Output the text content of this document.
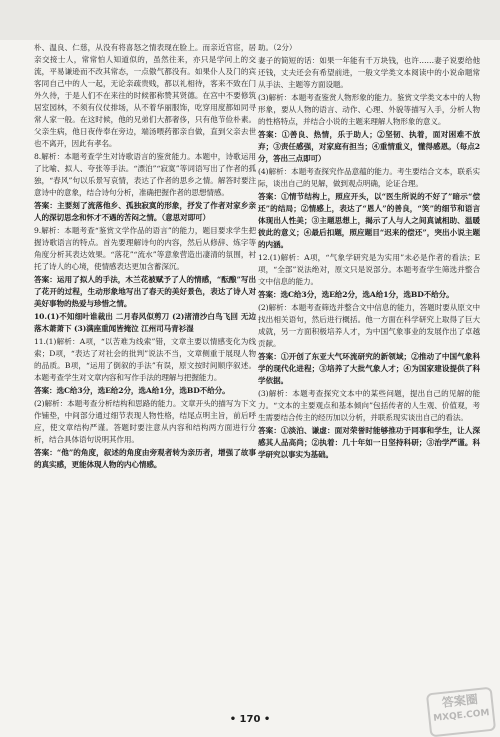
朴、温良、仁慈，从没有将喜怒之情表现在脸上。而亲近官宦，居亲交接士人，常常怕人知道似的，虽然往来，亦只是学问上的交流，平易谦逊而不改其常态，一点傲气都没有。如果仆人及门的宾客同自己中的人一起，无论亲疏贵贱，都以礼相待，客来不致在门外久待，于是人们不在来往的时候都称赞其贤德。在宫中不要修筑居室园林，不须有仪仗排场，从不着华丽服饰，吃穿用度都如同寻常人家一般。在这时候，他的兄弟们大都奢侈，只有他节俭朴素。父亲生病，他日夜侍奉在旁边，端汤喂药都亲自做，直到父亲去世也不离开，因此有孝名。

8.解析：本题考查学生对诗歌语言的鉴赏能力。本题中，诗歌运用了比喻、拟人、夸张等手法。“漂泊”“寂寞”等词语写出了作者的孤独，“春风”句以乐景写哀情，表达了作者的思乡之情。解答时要注意诗中的意象，结合诗句分析，准确把握作者的思想情感。

答案：主要刻了流落他乡、孤独寂寞的形象，抒发了作者对家乡亲人的深切思念和怀才不遇的苦闷之情。（意思对即可）

9.解析：本题考查“鉴赏文学作品的语言”的能力，题目要求学生把握诗歌语言的特点。首先要理解诗句的内容，然后从修辞、炼字等角度分析其表达效果。“落花”“流水”等意象营造出凄清的氛围，衬托了诗人的心境，使情感表达更加含蓄深沉。

答案：运用了拟人的手法，木兰花被赋予了人的情感，“酝酿”写出了花开的过程，生动形象地写出了春天的美好景色，表达了诗人对美好事物的热爱与珍惜之情。

10.(1)不知细叶谁裁出 二月春风似剪刀 (2)渚清沙白鸟飞回 无边落木萧萧下 (3)满座重闻皆掩泣 江州司马青衫湿

11.(1)解析：A项，“以苦难为线索”错，文章主要以情感变化为线索；D项，“表达了对社会的批判”说法不当，文章侧重于展现人物的品质。B项，“运用了倒叙的手法”有误，原文按时间顺序叙述。本题考查学生对文章内容和写作手法的理解与把握能力。

答案：选C给3分，选E给2分，选A给1分，选BD不给分。

(2)解析：本题考查分析结构和思路的能力。文章开头的描写为下文作铺垫，中间部分通过细节表现人物性格，结尾点明主旨，前后呼应，使文章结构严谨。答题时要注意从内容和结构两方面进行分析，结合具体语句说明其作用。

答案：“他”的角度，叙述的角度由旁观者转为亲历者，增强了故事的真实感，更能体现人物的内心情感。

助。（2分）

妻子的简短的话：如果一年能有千万块钱，也许……妻子说要给他还钱，丈夫还会有希望前进，一般文学类文本阅读中的小说命题常从手法、主题等方面设题。

(3)解析：本题考查鉴赏人物形象的能力。鉴赏文学类文本中的人物形象，要从人物的语言、动作、心理、外貌等描写入手，分析人物的性格特点，并结合小说的主题来理解人物形象的意义。

答案：①善良、热情，乐于助人；②坚韧、执着，面对困难不放弃；③责任感强，对家庭有担当；④重情重义，懂得感恩。（每点2分，答出三点即可）

(4)解析：本题考查探究作品意蕴的能力。考生要结合文本，联系实际，谈出自己的见解，做到观点明确，论证合理。

答案：①情节结构上，照应开头，以“医生所说的不好了”暗示“偿还”的结局；②情感上，表达了“恩人”的善良，“笑”的细节和语言体现出人性美；③主题思想上，揭示了人与人之间真诚相助、温暖彼此的意义；④最后扣题，照应题目“迟来的偿还”，突出小说主题的内涵。

12.(1)解析：A项，“气象学研究是为实用”未必是作者的看法；E项，“全部”说法绝对，原文只是说部分。本题考查学生筛选并整合文中信息的能力。

答案：选C给3分，选E给2分，选A给1分，选BD不给分。

(2)解析：本题考查筛选并整合文中信息的能力，答题时要从原文中找出相关语句，然后进行概括。他一方面在科学研究上取得了巨大成就，另一方面积极培养人才，为中国气象事业的发展作出了卓越贡献。

答案：①开创了东亚大气环流研究的新领域；②推动了中国气象科学的现代化进程；③培养了大批气象人才；④为国家建设提供了科学依据。

(3)解析：本题考查探究文本中的某些问题，提出自己的见解的能力。“文本的主要观点和基本倾向”包括传者的人生观、价值观，考生需要结合传主的经历加以分析，并联系现实谈出自己的看法。

答案：①淡泊、谦虚：面对荣誉时能够推功于同事和学生，让人深感其人品高尚；②执着：几十年如一日坚持科研；③治学严谨。科学研究以事实为基础。

• 170 •
答案圈
MXQE.COM
